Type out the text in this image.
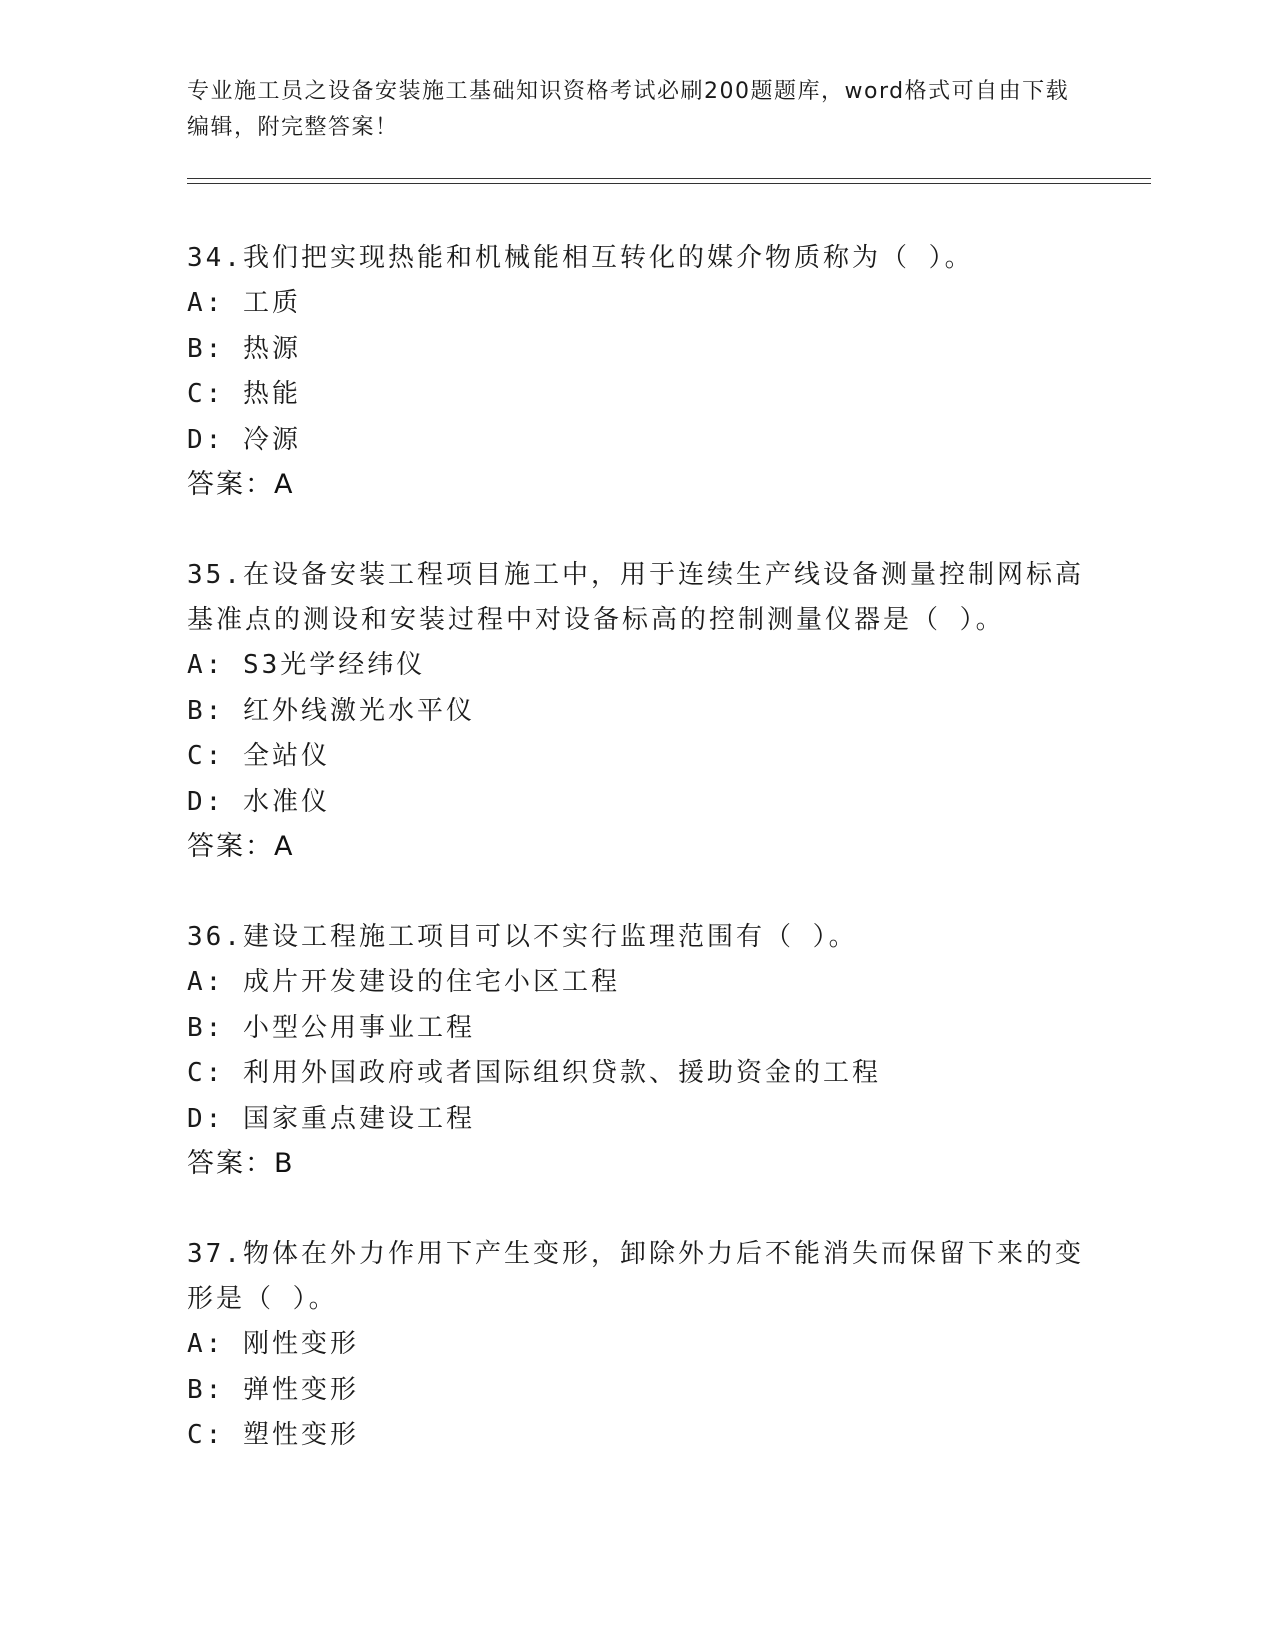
专业施工员之设备安装施工基础知识资格考试必刷200题题库，word格式可自由下载编辑，附完整答案！
34.我们把实现热能和机械能相互转化的媒介物质称为（ ）。
A: 工质
B: 热源
C: 热能
D: 冷源
答案：A
35.在设备安装工程项目施工中，用于连续生产线设备测量控制网标高基准点的测设和安装过程中对设备标高的控制测量仪器是（ ）。
A: S3光学经纬仪
B: 红外线激光水平仪
C: 全站仪
D: 水准仪
答案：A
36.建设工程施工项目可以不实行监理范围有（ ）。
A: 成片开发建设的住宅小区工程
B: 小型公用事业工程
C: 利用外国政府或者国际组织贷款、援助资金的工程
D: 国家重点建设工程
答案：B
37.物体在外力作用下产生变形，卸除外力后不能消失而保留下来的变形是（ ）。
A: 刚性变形
B: 弹性变形
C: 塑性变形
